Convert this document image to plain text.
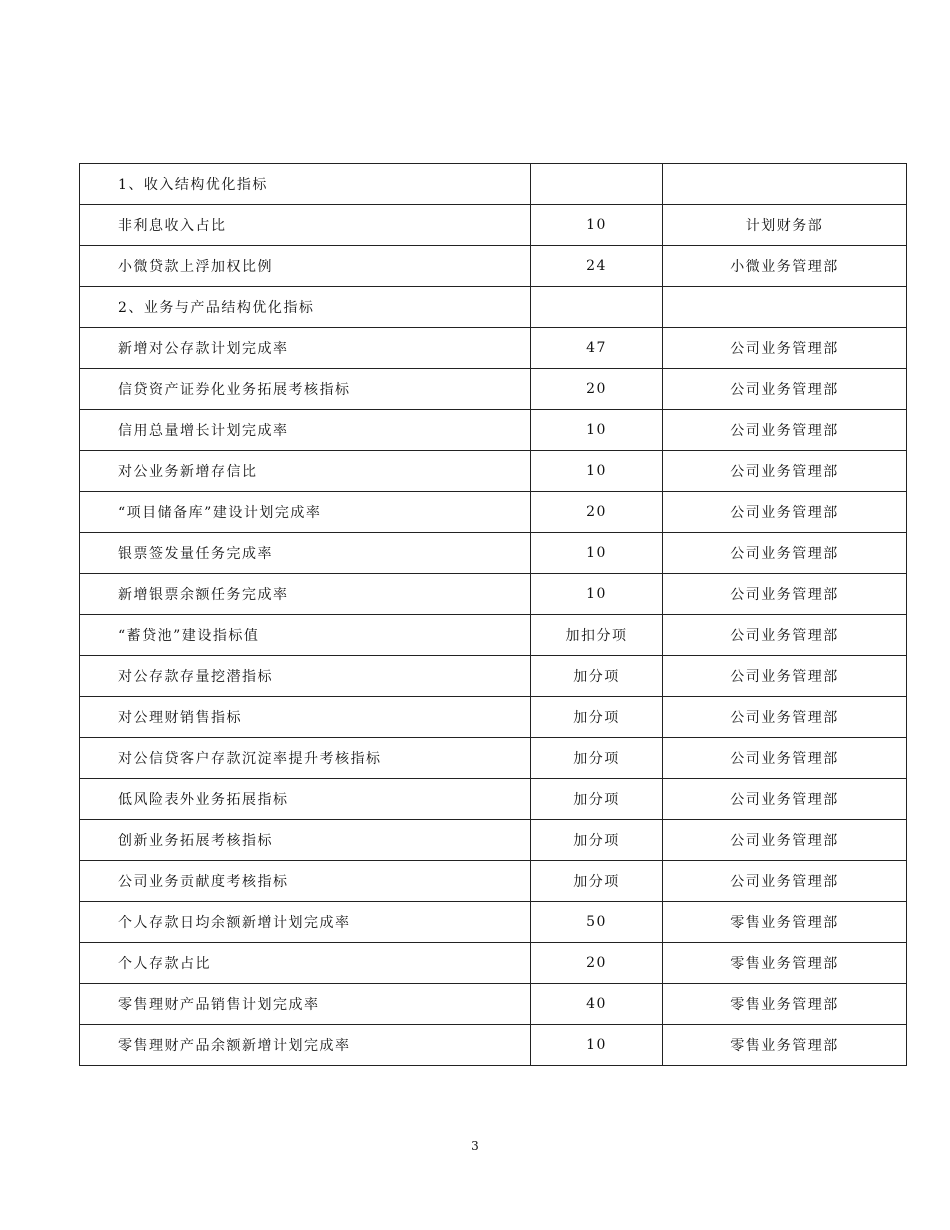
1、收入结构优化指标		
非利息收入占比	10	计划财务部
小微贷款上浮加权比例	24	小微业务管理部
2、业务与产品结构优化指标		
新增对公存款计划完成率	47	公司业务管理部
信贷资产证券化业务拓展考核指标	20	公司业务管理部
信用总量增长计划完成率	10	公司业务管理部
对公业务新增存信比	10	公司业务管理部
“项目储备库”建设计划完成率	20	公司业务管理部
银票签发量任务完成率	10	公司业务管理部
新增银票余额任务完成率	10	公司业务管理部
“蓄贷池”建设指标值	加扣分项	公司业务管理部
对公存款存量挖潜指标	加分项	公司业务管理部
对公理财销售指标	加分项	公司业务管理部
对公信贷客户存款沉淀率提升考核指标	加分项	公司业务管理部
低风险表外业务拓展指标	加分项	公司业务管理部
创新业务拓展考核指标	加分项	公司业务管理部
公司业务贡献度考核指标	加分项	公司业务管理部
个人存款日均余额新增计划完成率	50	零售业务管理部
个人存款占比	20	零售业务管理部
零售理财产品销售计划完成率	40	零售业务管理部
零售理财产品余额新增计划完成率	10	零售业务管理部
3
